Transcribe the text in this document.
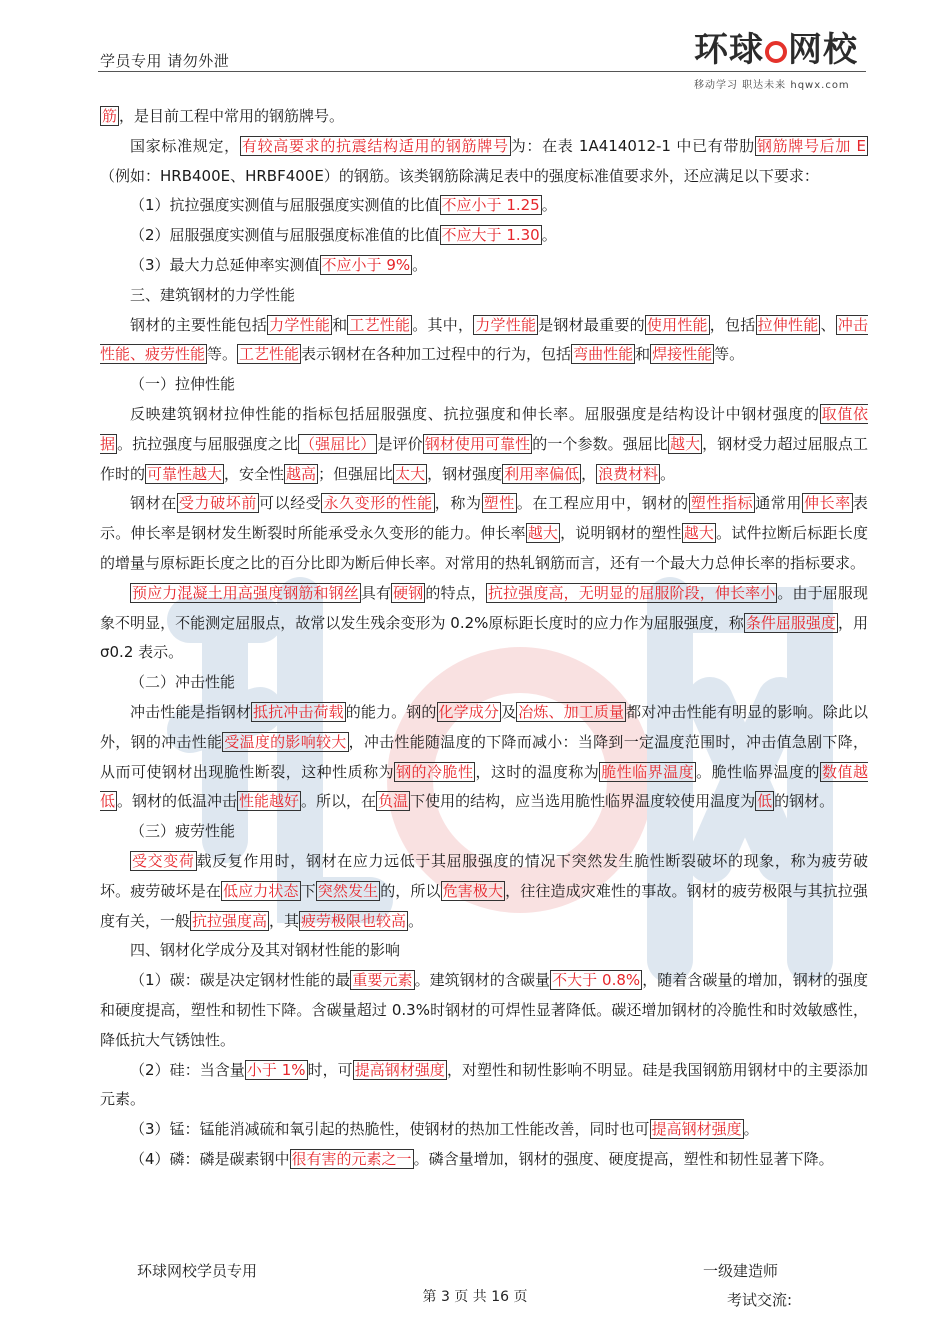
学员专用 请勿外泄	环球 网校
移动学习 职达未来 hqwx.com

筋 ，是目前工程中常用的钢筋牌号。

国家标准规定， 有较高要求的抗震结构适用的钢筋牌号 为：在表 1A414012-1 中已有带肋 钢筋牌号后加 E（例如：HRB400E、HRBF400E）的钢筋。该类钢筋除满足表中的强度标准值要求外，还应满足以下要求：

（1）抗拉强度实测值与屈服强度实测值的比值 不应小于 1.25 。

（2）屈服强度实测值与屈服强度标准值的比值 不应大于 1.30 。

（3）最大力总延伸率实测值 不应小于 9% 。

三、建筑钢材的力学性能

钢材的主要性能包括 力学性能 和 工艺性能 。其中， 力学性能 是钢材最重要的 使用性能 ，包括 拉伸性能 、 冲击性能、疲劳性能 等。 工艺性能 表示钢材在各种加工过程中的行为，包括 弯曲性能 和 焊接性能 等。

（一）拉伸性能

反映建筑钢材拉伸性能的指标包括屈服强度、抗拉强度和伸长率。屈服强度是结构设计中钢材强度的 取值依据 。抗拉强度与屈服强度之比 （强屈比） 是评价 钢材使用可靠性 的一个参数。强屈比 越大 ，钢材受力超过屈服点工作时的 可靠性越大 ，安全性 越高 ；但强屈比 太大 ，钢材强度 利用率偏低 ， 浪费材料 。

钢材在 受力破坏前 可以经受 永久变形的性能 ，称为 塑性 。在工程应用中，钢材的 塑性指标 通常用 伸长率 表示。伸长率是钢材发生断裂时所能承受永久变形的能力。伸长率 越大 ，说明钢材的塑性 越大 。试件拉断后标距长度的增量与原标距长度之比的百分比即为断后伸长率。对常用的热轧钢筋而言，还有一个最大力总伸长率的指标要求。

预应力混凝土用高强度钢筋和钢丝 具有 硬钢 的特点， 抗拉强度高，无明显的屈服阶段，伸长率小 。由于屈服现象不明显，不能测定屈服点，故常以发生残余变形为 0.2%原标距长度时的应力作为屈服强度，称 条件屈服强度 ，用σ0.2 表示。

（二）冲击性能

冲击性能是指钢材 抵抗冲击荷载 的能力。钢的 化学成分 及 冶炼、加工质量 都对冲击性能有明显的影响。除此以外，钢的冲击性能 受温度的影响较大 ，冲击性能随温度的下降而减小：当降到一定温度范围时，冲击值急剧下降，从而可使钢材出现脆性断裂，这种性质称为 钢的冷脆性 ，这时的温度称为 脆性临界温度 。脆性临界温度的 数值越低 。钢材的低温冲击 性能越好 。所以，在 负温 下使用的结构，应当选用脆性临界温度较使用温度为 低 的钢材。

（三）疲劳性能

受交变荷 载反复作用时，钢材在应力远低于其屈服强度的情况下突然发生脆性断裂破坏的现象，称为疲劳破坏。疲劳破坏是在 低应力状态 下 突然发生 的，所以 危害极大 ，往往造成灾难性的事故。钢材的疲劳极限与其抗拉强度有关，一般 抗拉强度高 ，其 疲劳极限也较高 。

四、钢材化学成分及其对钢材性能的影响

（1）碳：碳是决定钢材性能的最 重要元素 。建筑钢材的含碳量 不大于 0.8% ，随着含碳量的增加，钢材的强度和硬度提高，塑性和韧性下降。含碳量超过 0.3%时钢材的可焊性显著降低。碳还增加钢材的冷脆性和时效敏感性，降低抗大气锈蚀性。

（2）硅：当含量 小于 1% 时，可 提高钢材强度 ，对塑性和韧性影响不明显。硅是我国钢筋用钢材中的主要添加元素。

（3）锰：锰能消减硫和氧引起的热脆性，使钢材的热加工性能改善，同时也可 提高钢材强度 。

（4）磷：磷是碳素钢中 很有害的元素之一 。磷含量增加，钢材的强度、硬度提高，塑性和韧性显著下降。

环球网校学员专用	一级建造师
第 3 页 共 16 页	考试交流:
